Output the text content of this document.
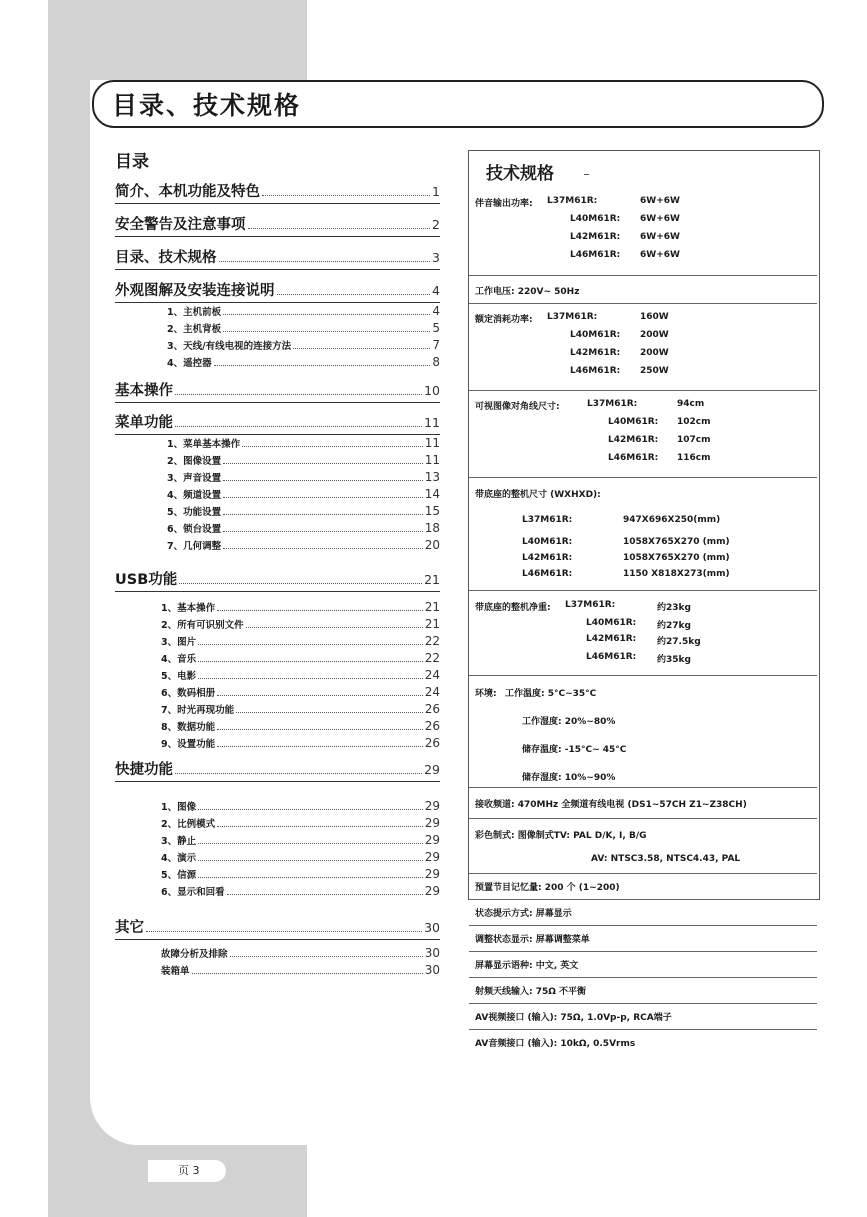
目录、技术规格
目录
简介、本机功能及特色	1
安全警告及注意事项	2
目录、技术规格	3
外观图解及安装连接说明	4
1、主机前板	4
2、主机背板	5
3、天线/有线电视的连接方法	7
4、遥控器	8
基本操作	10
菜单功能	11
1、菜单基本操作	11
2、图像设置	11
3、声音设置	13
4、频道设置	14
5、功能设置	15
6、锁台设置	18
7、几何调整	20
USB功能	21
1、基本操作	21
2、所有可识别文件	21
3、图片	22
4、音乐	22
5、电影	24
6、数码相册	24
7、时光再现功能	26
8、数据功能	26
9、设置功能	26
快捷功能	29
1、图像	29
2、比例模式	29
3、静止	29
4、演示	29
5、信源	29
6、显示和回看	29
其它	30
故障分析及排除	30
装箱单	30
技术规格
伴音输出功率: L37M61R:	6W+6W
L40M61R: 6W+6W
L42M61R: 6W+6W
L46M61R: 6W+6W
工作电压: 220V~ 50Hz
额定消耗功率: L37M61R:	160W
L40M61R: 200W
L42M61R: 200W
L46M61R: 250W
可视图像对角线尺寸:	L37M61R:	94cm
L40M61R: 102cm
L42M61R: 107cm
L46M61R: 116cm
带底座的整机尺寸 (WXHXD):
L37M61R:	947X696X250(mm)
L40M61R:	1058X765X270 (mm)
L42M61R:	1058X765X270 (mm)
L46M61R:	1150 X818X273(mm)
带底座的整机净重: L37M61R:	约23kg
L40M61R: 约27kg
L42M61R: 约27.5kg
L46M61R: 约35kg
环境: 工作温度: 5°C~35°C
工作湿度: 20%~80%
储存温度: -15°C~ 45°C
储存湿度: 10%~90%
接收频道: 470MHz 全频道有线电视 (DS1~57CH Z1~Z38CH)
彩色制式: 图像制式TV: PAL D/K, I, B/G
AV: NTSC3.58, NTSC4.43, PAL
预置节目记忆量: 200 个 (1~200)
状态提示方式: 屏幕显示
调整状态显示: 屏幕调整菜单
屏幕显示语种: 中文, 英文
射频天线输入: 75Ω 不平衡
AV视频接口 (输入): 75Ω, 1.0Vp-p, RCA端子
AV音频接口 (输入): 10kΩ, 0.5Vrms
页 3
